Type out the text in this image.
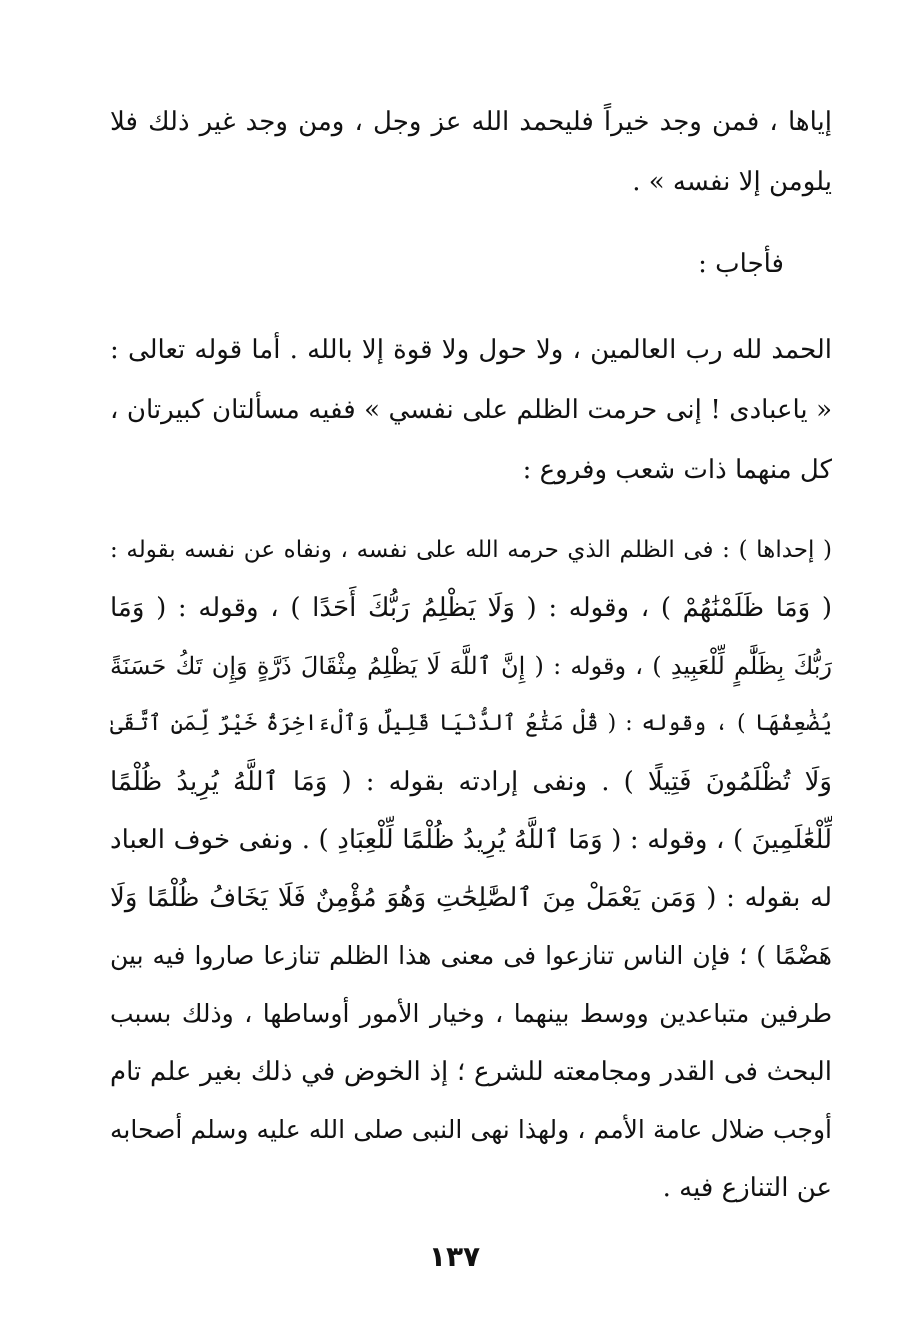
إياها ، فمن وجد خيراً فليحمد الله عز وجل ، ومن وجد غير ذلك فلا
يلومن إلا نفسه » .
فأجاب :
الحمد لله رب العالمين ، ولا حول ولا قوة إلا بالله . أما قوله تعالى :
« ياعبادى ! إنى حرمت الظلم على نفسي » ففيه مسألتان كبيرتان ،
كل منهما ذات شعب وفروع :
( إحداها ) : فى الظلم الذي حرمه الله على نفسه ، ونفاه عن نفسه بقوله :
( وَمَا ظَلَمْنَٰهُمْ ) ، وقوله : ( وَلَا يَظْلِمُ رَبُّكَ أَحَدًا ) ، وقوله : ( وَمَا
رَبُّكَ بِظَلَّٰمٍ لِّلْعَبِيدِ ) ، وقوله : ( إِنَّ ٱللَّهَ لَا يَظْلِمُ مِثْقَالَ ذَرَّةٍ وَإِن تَكُ حَسَنَةً
يُضَٰعِفْهَا ) ، وقوله : ( قُلْ مَتَٰعُ ٱلدُّنْيَا قَلِيلٌ وَٱلْءَاخِرَةُ خَيْرٌ لِّمَنِ ٱتَّقَىٰ
وَلَا تُظْلَمُونَ فَتِيلًا ) . ونفى إرادته بقوله : ( وَمَا ٱللَّهُ يُرِيدُ ظُلْمًا
لِّلْعَٰلَمِينَ ) ، وقوله : ( وَمَا ٱللَّهُ يُرِيدُ ظُلْمًا لِّلْعِبَادِ ) . ونفى خوف العباد
له بقوله : ( وَمَن يَعْمَلْ مِنَ ٱلصَّٰلِحَٰتِ وَهُوَ مُؤْمِنٌ فَلَا يَخَافُ ظُلْمًا وَلَا
هَضْمًا ) ؛ فإن الناس تنازعوا فى معنى هذا الظلم تنازعا صاروا فيه بين
طرفين متباعدين ووسط بينهما ، وخيار الأمور أوساطها ، وذلك بسبب
البحث فى القدر ومجامعته للشرع ؛ إذ الخوض في ذلك بغير علم تام
أوجب ضلال عامة الأمم ، ولهذا نهى النبى صلى الله عليه وسلم أصحابه
عن التنازع فيه .
١٣٧
